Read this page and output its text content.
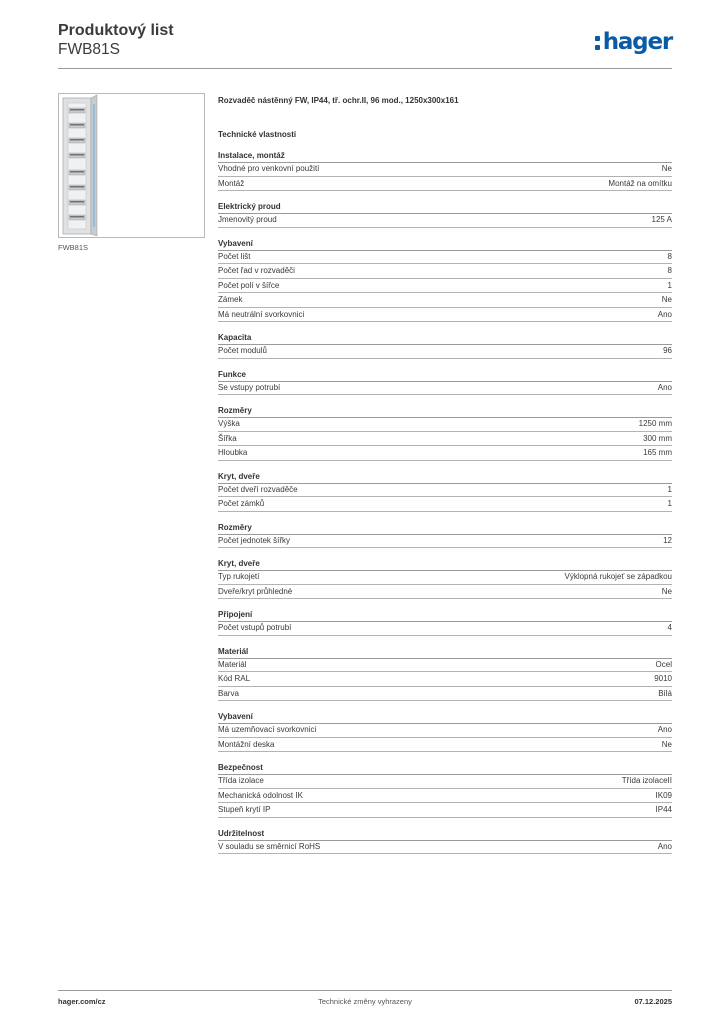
Produktový list
FWB81S	hager
FWB81S
Rozvaděč nástěnný FW, IP44, tř. ochr.II, 96 mod., 1250x300x161
Technické vlastnosti
Instalace, montáž
Vhodné pro venkovní použití	Ne
Montáž	Montáž na omítku
Elektrický proud
Jmenovitý proud	125 A
Vybavení
Počet lišt	8
Počet řad v rozvaděči	8
Počet polí v šířce	1
Zámek	Ne
Má neutrální svorkovnici	Ano
Kapacita
Počet modulů	96
Funkce
Se vstupy potrubí	Ano
Rozměry
Výška	1250 mm
Šířka	300 mm
Hloubka	165 mm
Kryt, dveře
Počet dveří rozvaděče	1
Počet zámků	1
Rozměry
Počet jednotek šířky	12
Kryt, dveře
Typ rukojetí	Výklopná rukojeť se západkou
Dveře/kryt průhledné	Ne
Připojení
Počet vstupů potrubí	4
Materiál
Materiál	Ocel
Kód RAL	9010
Barva	Bílá
Vybavení
Má uzemňovací svorkovnici	Ano
Montážní deska	Ne
Bezpečnost
Třída izolace	Třída izolaceII
Mechanická odolnost IK	IK09
Stupeň krytí IP	IP44
Udržitelnost
V souladu se směrnicí RoHS	Ano
hager.com/cz	Technické změny vyhrazeny	07.12.2025
